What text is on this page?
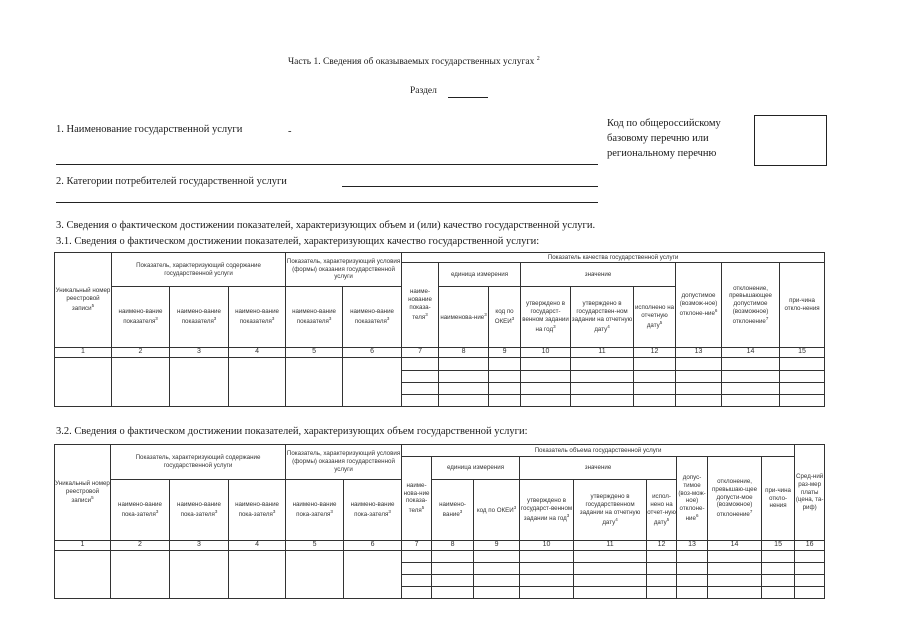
Часть 1. Сведения об оказываемых государственных услугах $^2$
Раздел
1. Наименование государственной услуги	-
Код по общероссийскому
базовому перечню или
региональному перечню
2. Категории потребителей государственной услуги
3. Сведения о фактическом достижении показателей, характеризующих объем и (или) качество государственной услуги.
3.1. Сведения о фактическом достижении показателей, характеризующих качество государственной услуги:
Уникальный номер реестровой записи$^5$	Показатель, характеризующий содержание государственной услуги			Показатель, характеризующий условия (формы) оказания государственной услуги		Показатель качества государственной услуги								
						наиме-нование показа-теля$^3$	единица измерения		значение			допустимое (возмож-ное) отклоне-ние$^6$	отклонение, превышающее допустимое (возможное) отклонение$^7$	при-чина откло-нения
	наимено-вание показателя$^3$	наимено-вание показателя$^3$	наимено-вание показателя$^3$	наимено-вание показателя$^3$	наимено-вание показателя$^3$		наименова-ние$^3$	код по ОКЕИ$^3$	утверждено в государст-венном задании на год$^3$	утверждено в государствен-ном задании на отчетную дату$^4$	исполнено на отчетную дату$^5$
1	2	3	4	5	6	7	8	9	10	11	12	13	14	15

3.2. Сведения о фактическом достижении показателей, характеризующих объем государственной услуги:
Уникальный номер реестровой записи$^5$	Показатель, характеризующий содержание государственной услуги			Показатель, характеризующий условия (формы) оказания государственной услуги		Показатель объема государственной услуги									Сред-ний раз-мер платы (цена, та-риф)
						наиме-нова-ние показа-теля$^5$	единица измерения		значение			допус-тимое (воз-мож-ное) отклоне-ние$^6$	отклонение, превышаю-щее допусти-мое (возможное) отклонение$^7$	при-чина откло-нения	
	наимено-вание пока-зателя$^3$	наимено-вание пока-зателя$^3$	наимено-вание пока-зателя$^3$	наимено-вание пока-зателя$^3$	наимено-вание пока-зателя$^3$		наимено-вание$^3$	код по ОКЕИ$^3$	утверждено в государст-венном задании на год$^3$	утверждено в государственном задании на отчетную дату$^4$	испол-нено на отчет-ную дату$^5$
1	2	3	4	5	6	7	8	9	10	11	12	13	14	15	16
